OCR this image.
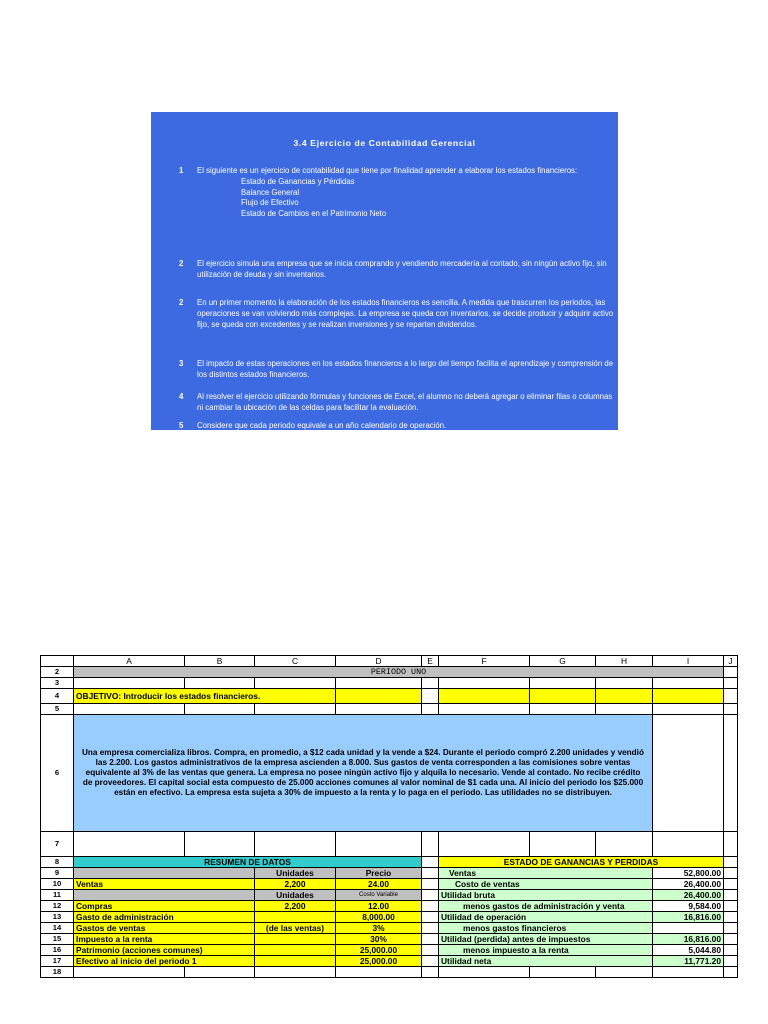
3.4 Ejercicio de Contabilidad Gerencial
1 El siguiente es un ejercicio de contabilidad que tiene por finalidad aprender a elaborar los estados financieros:
Estado de Ganancias y Pérdidas
Balance General
Flujo de Efectivo
Estado de Cambios en el Patrimonio Neto
2 El ejercicio simula una empresa que se inicia comprando y vendiendo mercadería al contado, sin ningún activo fijo, sin utilización de deuda y sin inventarios.
2 En un primer momento la elaboración de los estados financieros es sencilla. A medida que trascurren los periodos, las operaciones se van volviendo más complejas. La empresa se queda con inventarios, se decide producir y adquirir activo fijo, se queda con excedentes y se realizan inversiones y se reparten dividendos.
3 El impacto de estas operaciones en los estados financieros a lo largo del tiempo facilita el aprendizaje y comprensión de los distintos estados financieros.
4 Al resolver el ejercicio utilizando fórmulas y funciones de Excel, el alumno no deberá agregar o eliminar filas o columnas ni cambiar la ubicación de las celdas para facilitar la evaluación.
5 Considere que cada periodo equivale a un año calendario de operación.
	A	B	C	D	E	F	G	H	I	J
2	PERIODO UNO									
3										
4	OBJETIVO: Introducir los estados financieros.									
5										
6	Una empresa comercializa libros. Compra, en promedio, a $12 cada unidad y la vende a $24. Durante el periodo compró 2.200 unidades y vendió las 2.200. Los gastos administrativos de la empresa ascienden a 8.000. Sus gastos de venta corresponden a las comisiones sobre ventas equivalente al 3% de las ventas que genera. La empresa no posee ningún activo fijo y alquila lo necesario. Vende al contado. No recibe crédito de proveedores. El capital social esta compuesto de 25.000 acciones comunes al valor nominal de $1 cada una. Al inicio del periodo los $25.000 están en efectivo. La empresa esta sujeta a 30% de impuesto a la renta y lo paga en el periodo. Las utilidades no se distribuyen.									
7										
8	RESUMEN DE DATOS					ESTADO DE GANANCIAS Y PERDIDAS				
9			Unidades	Precio		Ventas			52,800.00	
10	Ventas		2,200	24.00		Costo de ventas			26,400.00	
11			Unidades	Costo Variable		Utilidad bruta			26,400.00	
12	Compras		2,200	12.00		menos gastos de administración y venta			9,584.00	
13	Gasto de administración			8,000.00		Utilidad de operación			16,816.00	
14	Gastos de ventas		(de las ventas)	3%		menos gastos financieros				
15	Impuesto a la renta			30%		Utilidad (perdida) antes de impuestos			16,816.00	
16	Patrimonio (acciones comunes)			25,000.00		menos impuesto a la renta			5,044.80	
17	Efectivo al inicio del periodo 1			25,000.00		Utilidad neta			11,771.20	
18										
